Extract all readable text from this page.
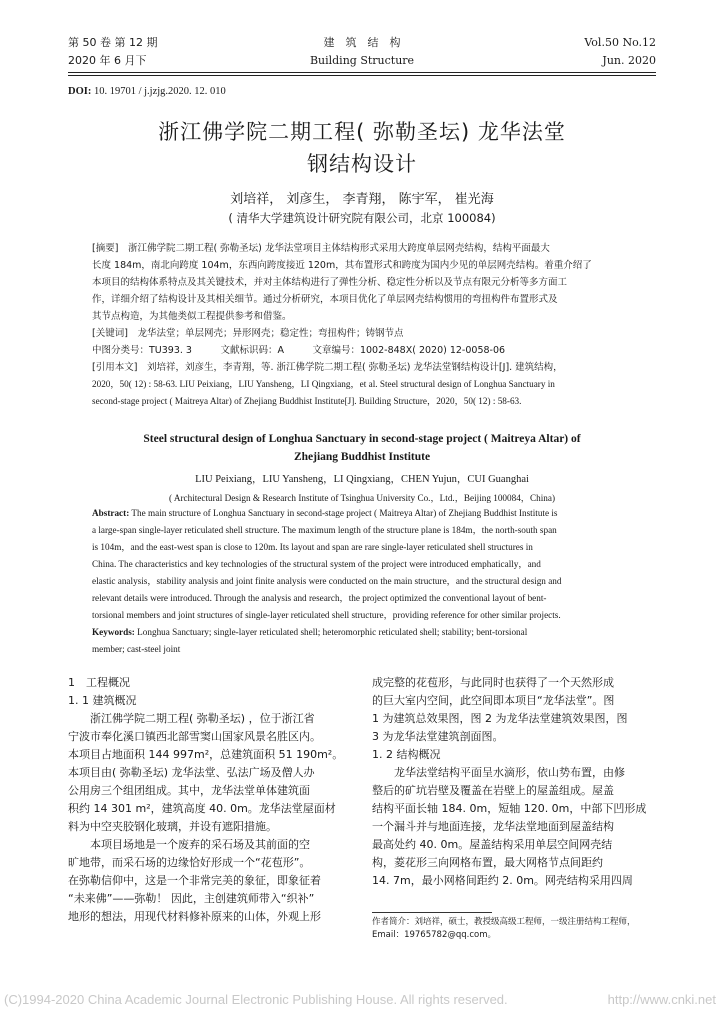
第 50 卷 第 12 期
2020 年 6 月下
建　筑　结　构
Building Structure
Vol.50 No.12
Jun. 2020
DOI: 10. 19701 / j.jzjg.2020. 12. 010
浙江佛学院二期工程( 弥勒圣坛) 龙华法堂
钢结构设计
刘培祥， 刘彦生， 李青翔， 陈宇军， 崔光海
( 清华大学建筑设计研究院有限公司，北京 100084)
[摘要]　 浙江佛学院二期工程( 弥勒圣坛) 龙华法堂项目主体结构形式采用大跨度单层网壳结构，结构平面最大
长度 184m，南北向跨度 104m，东西向跨度接近 120m，其布置形式和跨度为国内少见的单层网壳结构。着重介绍了
本项目的结构体系特点及其关键技术，并对主体结构进行了弹性分析、稳定性分析以及节点有限元分析等多方面工
作，详细介绍了结构设计及其相关细节。通过分析研究，本项目优化了单层网壳结构惯用的弯扭构件布置形式及
其节点构造，为其他类似工程提供参考和借鉴。
[关键词]　 龙华法堂；单层网壳；异形网壳；稳定性；弯扭构件；铸钢节点
中图分类号：TU393. 3　　　文献标识码：A　　　文章编号：1002-848X( 2020) 12-0058-06
[引用本文]　 刘培祥，刘彦生，李青翔，等. 浙江佛学院二期工程( 弥勒圣坛) 龙华法堂钢结构设计[J]. 建筑结构，
2020，50( 12) : 58-63. LIU Peixiang，LIU Yansheng，LI Qingxiang，et al. Steel structural design of Longhua Sanctuary in
second-stage project ( Maitreya Altar) of Zhejiang Buddhist Institute[J]. Building Structure，2020，50( 12) : 58-63.
Steel structural design of Longhua Sanctuary in second-stage project ( Maitreya Altar) of
Zhejiang Buddhist Institute
LIU Peixiang，LIU Yansheng，LI Qingxiang，CHEN Yujun，CUI Guanghai
( Architectural Design & Research Institute of Tsinghua University Co.，Ltd.，Beijing 100084，China)
Abstract: The main structure of Longhua Sanctuary in second-stage project ( Maitreya Altar) of Zhejiang Buddhist Institute is
a large-span single-layer reticulated shell structure. The maximum length of the structure plane is 184m，the north-south span
is 104m，and the east-west span is close to 120m. Its layout and span are rare single-layer reticulated shell structures in
China. The characteristics and key technologies of the structural system of the project were introduced emphatically，and
elastic analysis，stability analysis and joint finite analysis were conducted on the main structure，and the structural design and
relevant details were introduced. Through the analysis and research，the project optimized the conventional layout of bent-
torsional members and joint structures of single-layer reticulated shell structure，providing reference for other similar projects.
Keywords: Longhua Sanctuary; single-layer reticulated shell; heteromorphic reticulated shell; stability; bent-torsional
member; cast-steel joint
1　工程概况
1. 1 建筑概况

浙江佛学院二期工程( 弥勒圣坛) ，位于浙江省

宁波市奉化溪口镇西北部雪窦山国家风景名胜区内。

本项目占地面积 144 997m²，总建筑面积 51 190m²。

本项目由( 弥勒圣坛) 龙华法堂、弘法广场及僧人办

公用房三个组团组成。其中，龙华法堂单体建筑面

积约 14 301 m²，建筑高度 40. 0m。龙华法堂屋面材

料为中空夹胶钢化玻璃，并设有遮阳措施。

本项目场地是一个废弃的采石场及其前面的空

旷地带，而采石场的边缘恰好形成一个“花苞形”。

在弥勒信仰中，这是一个非常完美的象征，即象征着

“未来佛”——弥勒！ 因此，主创建筑师带入“织补”

地形的想法，用现代材料修补原来的山体，外观上形

成完整的花苞形，与此同时也获得了一个天然形成

的巨大室内空间，此空间即本项目“龙华法堂”。图

1 为建筑总效果图，图 2 为龙华法堂建筑效果图，图

3 为龙华法堂建筑剖面图。

1. 2 结构概况

龙华法堂结构平面呈水滴形，依山势布置，由修

整后的矿坑岩壁及覆盖在岩壁上的屋盖组成。屋盖

结构平面长轴 184. 0m，短轴 120. 0m，中部下凹形成

一个漏斗并与地面连接，龙华法堂地面到屋盖结构

最高处约 40. 0m。屋盖结构采用单层空间网壳结

构，菱花形三向网格布置，最大网格节点间距约

14. 7m，最小网格间距约 2. 0m。网壳结构采用四周

作者简介：刘培祥，硕士，教授级高级工程师，一级注册结构工程师，
Email：19765782@qq.com。
(C)1994-2020 China Academic Journal Electronic Publishing House. All rights reserved.	http://www.cnki.net
